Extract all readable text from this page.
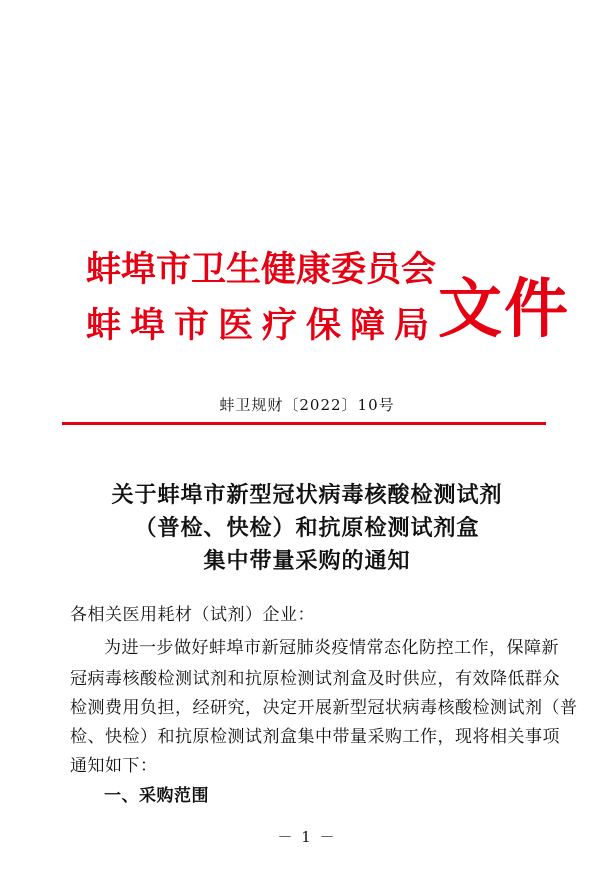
蚌埠市卫生健康委员会
蚌埠市医疗保障局 文件
蚌卫规财〔2022〕10号
关于蚌埠市新型冠状病毒核酸检测试剂
（普检、快检）和抗原检测试剂盒
集中带量采购的通知
各相关医用耗材（试剂）企业：
为进一步做好蚌埠市新冠肺炎疫情常态化防控工作，保障新
冠病毒核酸检测试剂和抗原检测试剂盒及时供应，有效降低群众
检测费用负担，经研究，决定开展新型冠状病毒核酸检测试剂（普
检、快检）和抗原检测试剂盒集中带量采购工作，现将相关事项
通知如下：
一、采购范围
－ 1 －
